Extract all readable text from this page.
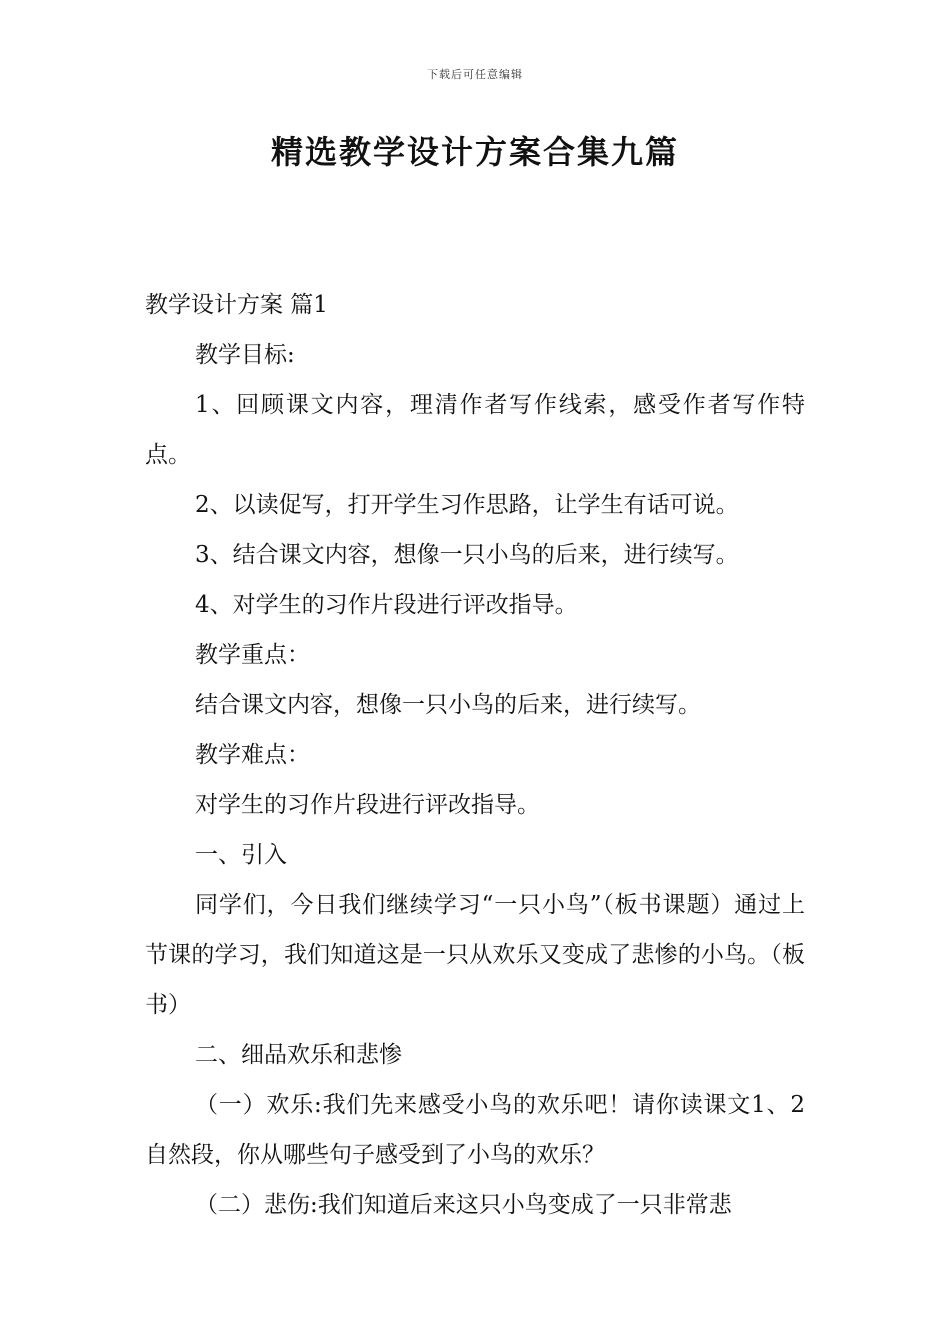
下载后可任意编辑
精选教学设计方案合集九篇

教学设计方案 篇1

教学目标:

1、回顾课文内容，理清作者写作线索，感受作者写作特点。

2、以读促写，打开学生习作思路，让学生有话可说。

3、结合课文内容，想像一只小鸟的后来，进行续写。

4、对学生的习作片段进行评改指导。

教学重点：

结合课文内容，想像一只小鸟的后来，进行续写。

教学难点：

对学生的习作片段进行评改指导。

一、引入

同学们，今日我们继续学习“一只小鸟”（板书课题）通过上节课的学习，我们知道这是一只从欢乐又变成了悲惨的小鸟。（板书）

二、细品欢乐和悲惨

（一）欢乐:我们先来感受小鸟的欢乐吧！请你读课文1、2自然段，你从哪些句子感受到了小鸟的欢乐？

（二）悲伤:我们知道后来这只小鸟变成了一只非常悲
